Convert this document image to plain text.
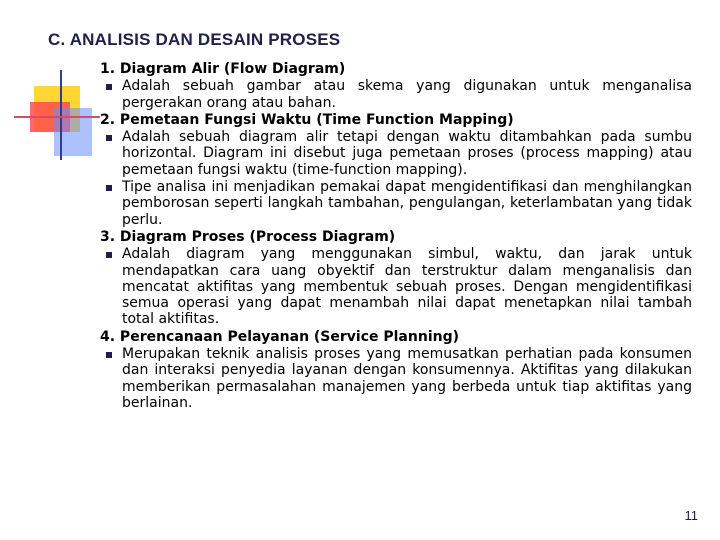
C. ANALISIS DAN DESAIN PROSES
1. Diagram Alir (Flow Diagram)
Adalah sebuah gambar atau skema yang digunakan untuk menganalisa pergerakan orang atau bahan.
2. Pemetaan Fungsi Waktu (Time Function Mapping)
Adalah sebuah diagram alir tetapi dengan waktu ditambahkan pada sumbu horizontal. Diagram ini disebut juga pemetaan proses (process mapping) atau pemetaan fungsi waktu (time-function mapping).
Tipe analisa ini menjadikan pemakai dapat mengidentifikasi dan menghilangkan pemborosan seperti langkah tambahan, pengulangan, keterlambatan yang tidak perlu.
3. Diagram Proses (Process Diagram)
Adalah diagram yang menggunakan simbul, waktu, dan jarak untuk mendapatkan cara uang obyektif dan terstruktur dalam menganalisis dan mencatat aktifitas yang membentuk sebuah proses. Dengan mengidentifikasi semua operasi yang dapat menambah nilai dapat menetapkan nilai tambah total aktifitas.
4. Perencanaan Pelayanan (Service Planning)
Merupakan teknik analisis proses yang memusatkan perhatian pada konsumen dan interaksi penyedia layanan dengan konsumennya. Aktifitas yang dilakukan memberikan permasalahan manajemen yang berbeda untuk tiap aktifitas yang berlainan.
11
